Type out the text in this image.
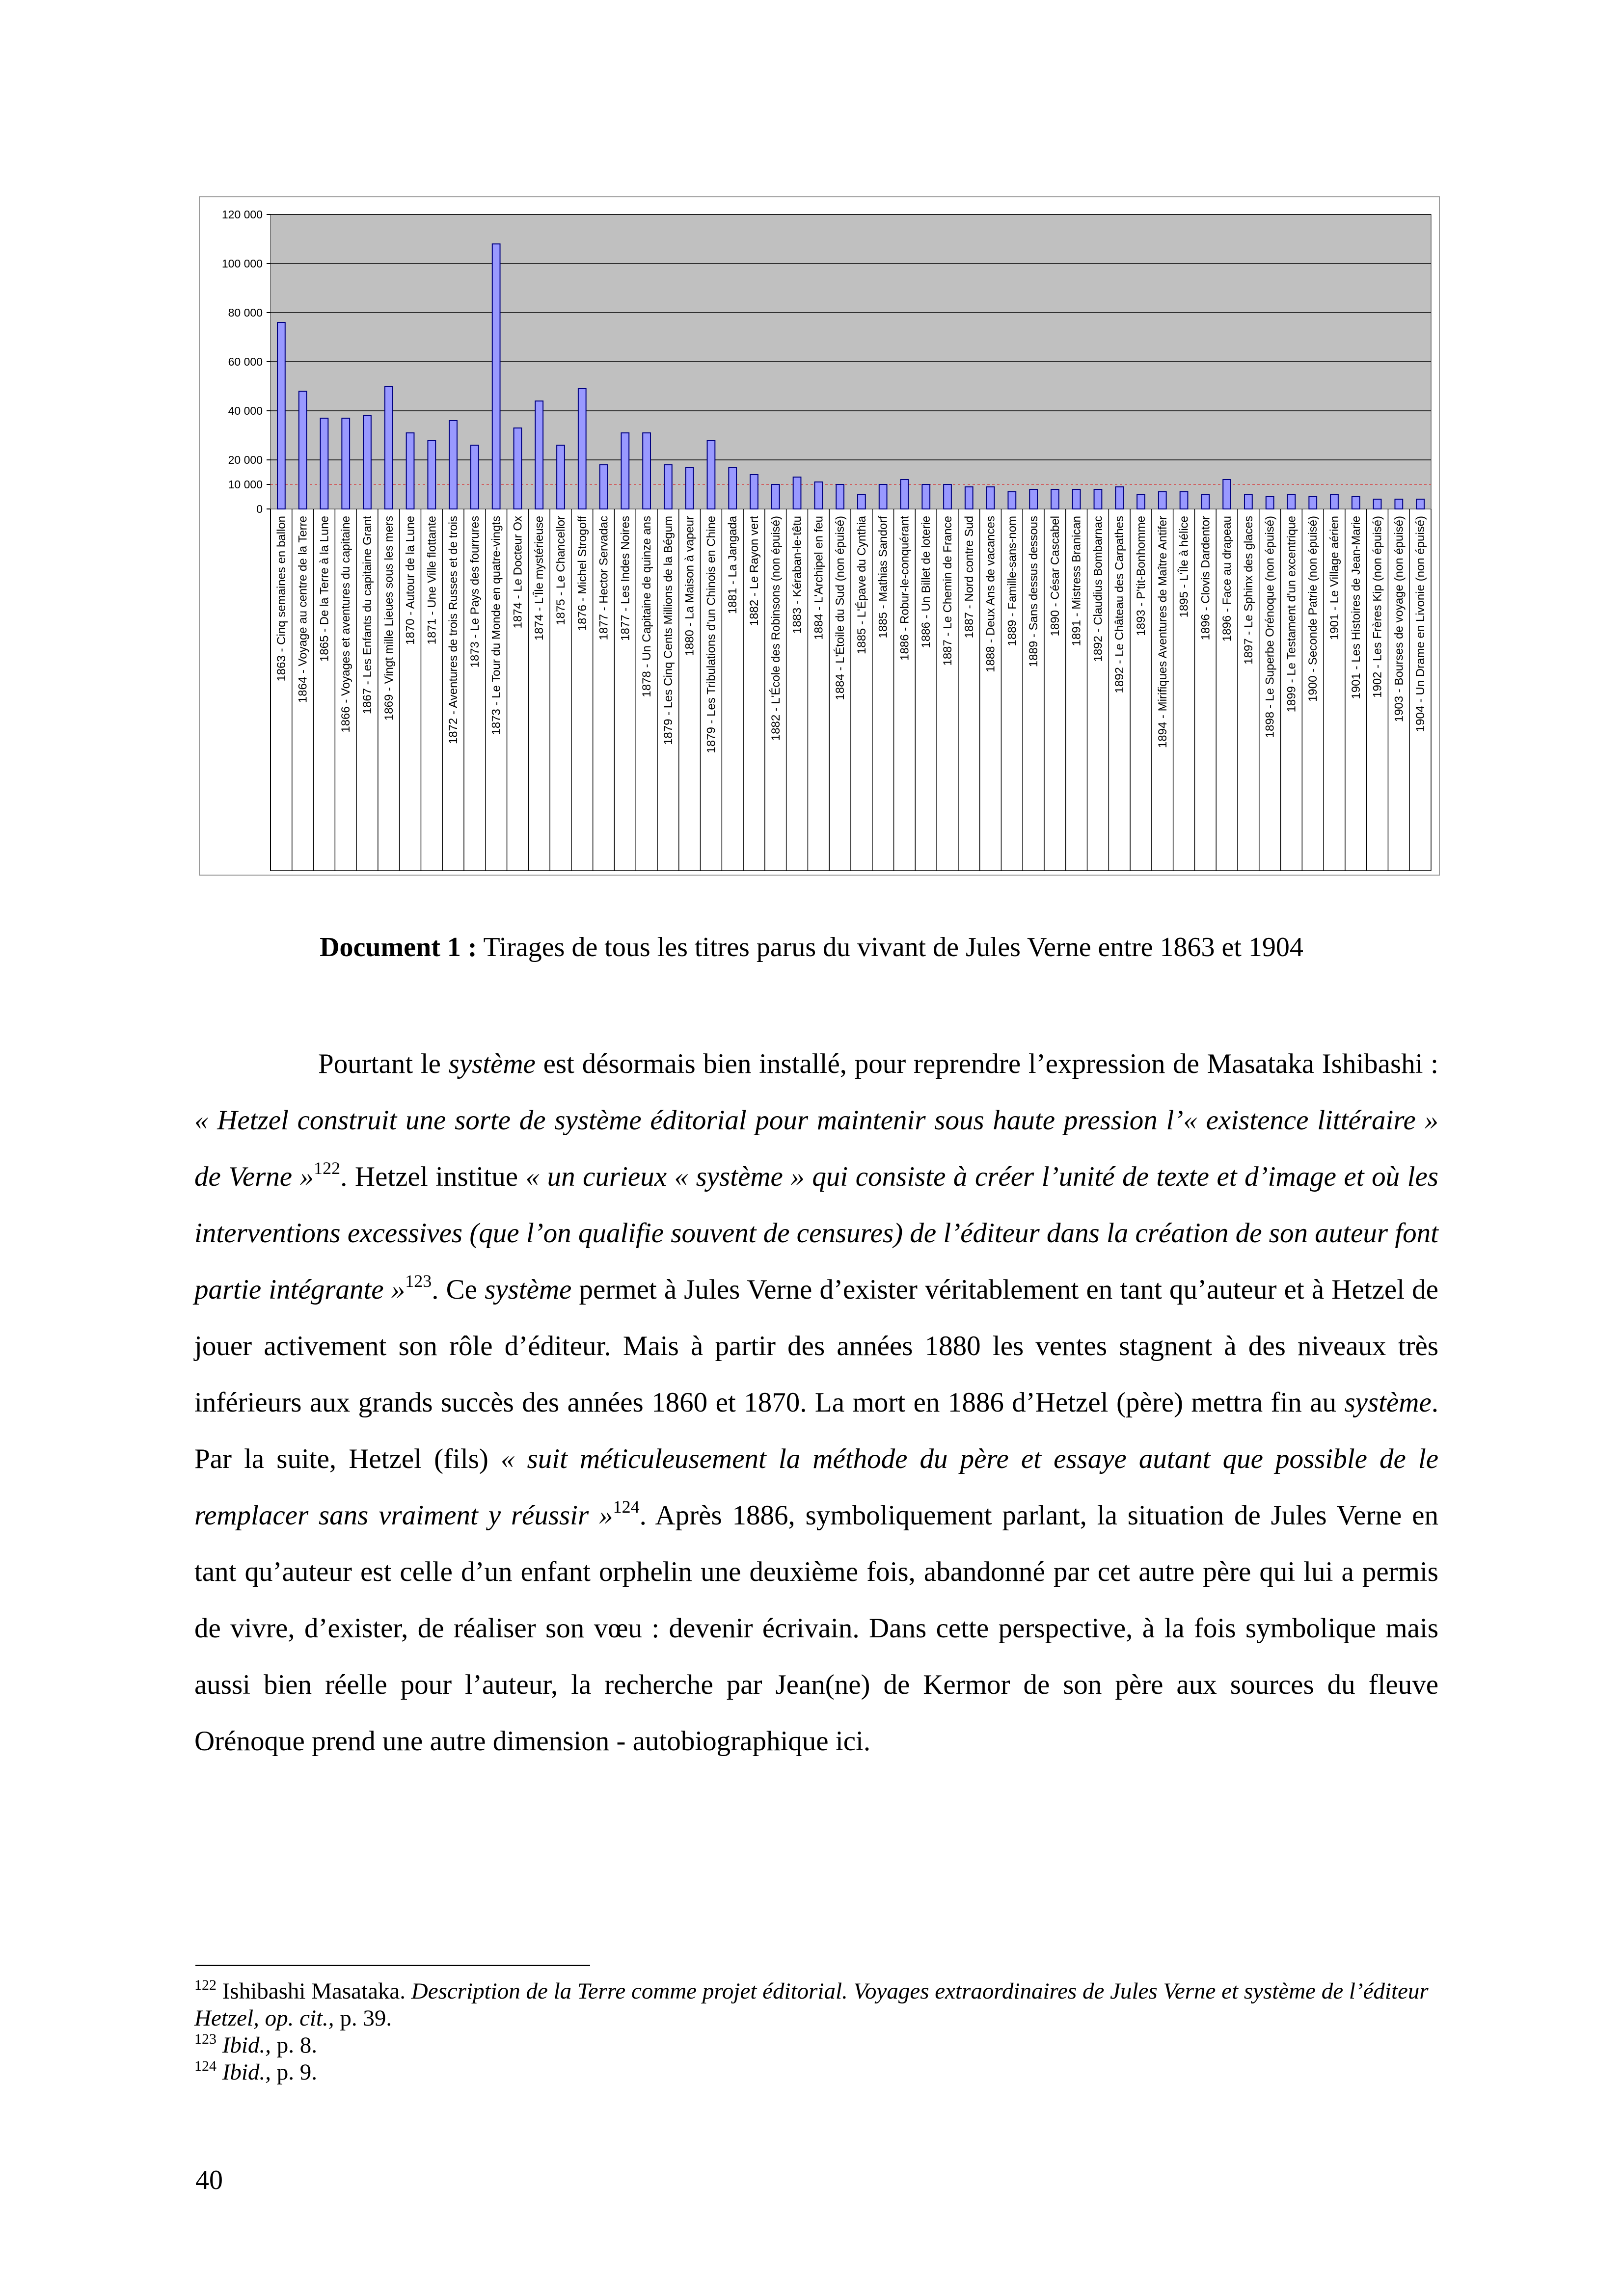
0
10 000
20 000
40 000
60 000
80 000
100 000
120 000
1863 - Cinq semaines en ballon 1864 - Voyage au centre de la Terre 1865 - De la Terre à la Lune 1866 - Voyages et aventures du capitaine 1867 - Les Enfants du capitaine Grant 1869 - Vingt mille Lieues sous les mers 1870 - Autour de la Lune 1871 - Une Ville flottante 1872 - Aventures de trois Russes et de trois 1873 - Le Pays des fourrures 1873 - Le Tour du Monde en quatre-vingts 1874 - Le Docteur Ox 1874 - L'Île mystérieuse 1875 - Le Chancellor 1876 - Michel Strogoff 1877 - Hector Servadac 1877 - Les Indes Noires 1878 - Un Capitaine de quinze ans 1879 - Les Cinq Cents Millions de la Bégum 1880 - La Maison à vapeur 1879 - Les Tribulations d'un Chinois en Chine 1881 - La Jangada 1882 - Le Rayon vert 1882 - L'École des Robinsons (non épuisé) 1883 - Kéraban-le-têtu 1884 - L'Archipel en feu 1884 - L'Étoile du Sud (non épuisé) 1885 - L'Épave du Cynthia 1885 - Mathias Sandorf 1886 - Robur-le-conquérant 1886 - Un Billet de loterie 1887 - Le Chemin de France 1887 - Nord contre Sud 1888 - Deux Ans de vacances 1889 - Famille-sans-nom 1889 - Sans dessus dessous 1890 - César Cascabel 1891 - Mistress Branican 1892 - Claudius Bombarnac 1892 - Le Château des Carpathes 1893 - P'tit-Bonhomme 1894 - Mirifiques Aventures de Maître Antifer 1895 - L'Île à hélice 1896 - Clovis Dardentor 1896 - Face au drapeau 1897 - Le Sphinx des glaces 1898 - Le Superbe Orénoque (non épuisé) 1899 - Le Testament d'un excentrique 1900 - Seconde Patrie (non épuisé) 1901 - Le Village aérien 1901 - Les Histoires de Jean-Marie 1902 - Les Frères Kip (non épuisé) 1903 - Bourses de voyage (non épuisé) 1904 - Un Drame en Livonie (non épuisé)
Document 1 : Tirages de tous les titres parus du vivant de Jules Verne entre 1863 et 1904

Pourtant le système est désormais bien installé, pour reprendre l’expression de Masataka Ishibashi : « Hetzel construit une sorte de système éditorial pour maintenir sous haute pression l’« existence littéraire » de Verne »$^{122}$. Hetzel institue « un curieux « système » qui consiste à créer l’unité de texte et d’image et où les interventions excessives (que l’on qualifie souvent de censures) de l’éditeur dans la création de son auteur font partie intégrante »$^{123}$. Ce système permet à Jules Verne d’exister véritablement en tant qu’auteur et à Hetzel de jouer activement son rôle d’éditeur. Mais à partir des années 1880 les ventes stagnent à des niveaux très inférieurs aux grands succès des années 1860 et 1870. La mort en 1886 d’Hetzel (père) mettra fin au système. Par la suite, Hetzel (fils) « suit méticuleusement la méthode du père et essaye autant que possible de le remplacer sans vraiment y réussir »$^{124}$. Après 1886, symboliquement parlant, la situation de Jules Verne en tant qu’auteur est celle d’un enfant orphelin une deuxième fois, abandonné par cet autre père qui lui a permis de vivre, d’exister, de réaliser son vœu : devenir écrivain. Dans cette perspective, à la fois symbolique mais aussi bien réelle pour l’auteur, la recherche par Jean(ne) de Kermor de son père aux sources du fleuve Orénoque prend une autre dimension - autobiographique ici.

$^{122}$ Ishibashi Masataka. Description de la Terre comme projet éditorial. Voyages extraordinaires de Jules Verne et système de l’éditeur Hetzel, op. cit., p. 39.

$^{123}$ Ibid., p. 8.

$^{124}$ Ibid., p. 9.

40
